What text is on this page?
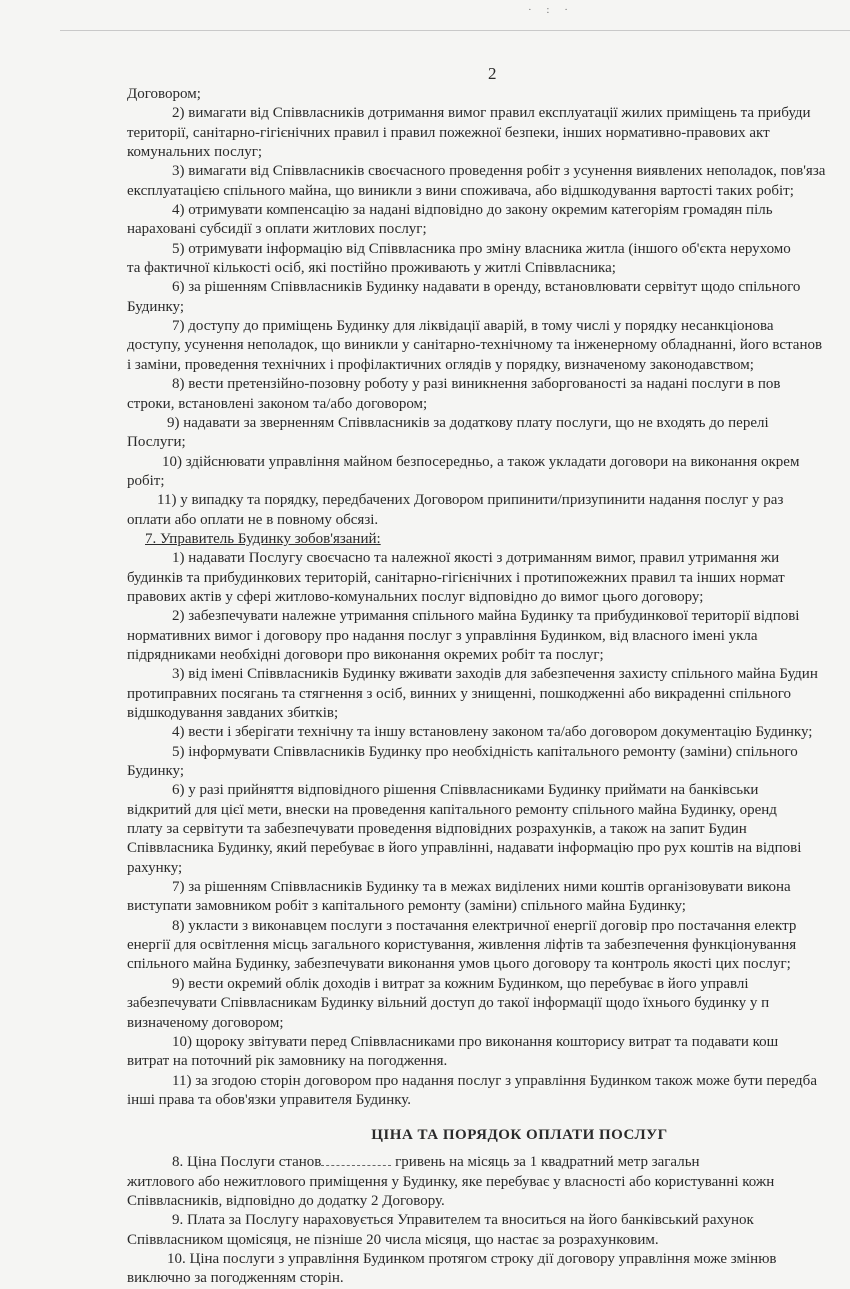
· : ·
2
Договором;
2) вимагати від Співвласників дотримання вимог правил експлуатації жилих приміщень та прибуди
території, санітарно-гігієнічних правил і правил пожежної безпеки, інших нормативно-правових акт
комунальних послуг;
3) вимагати від Співвласників своєчасного проведення робіт з усунення виявлених неполадок, пов'яза
експлуатацією спільного майна, що виникли з вини споживача, або відшкодування вартості таких робіт;
4) отримувати компенсацію за надані відповідно до закону окремим категоріям громадян піль
нараховані субсидії з оплати житлових послуг;
5) отримувати інформацію від Співвласника про зміну власника житла (іншого об'єкта нерухомо
та фактичної кількості осіб, які постійно проживають у житлі Співвласника;
6) за рішенням Співвласників Будинку надавати в оренду, встановлювати сервітут щодо спільного
Будинку;
7) доступу до приміщень Будинку для ліквідації аварій, в тому числі у порядку несанкціонова
доступу, усунення неполадок, що виникли у санітарно-технічному та інженерному обладнанні, його встанов
і заміни, проведення технічних і профілактичних оглядів у порядку, визначеному законодавством;
8) вести претензійно-позовну роботу у разі виникнення заборгованості за надані послуги в пов
строки, встановлені законом та/або договором;
9) надавати за зверненням Співвласників за додаткову плату послуги, що не входять до перелі
Послуги;
10) здійснювати управління майном безпосередньо, а також укладати договори на виконання окрем
робіт;
11) у випадку та порядку, передбачених Договором припинити/призупинити надання послуг у раз
оплати або оплати не в повному обсязі.
7. Управитель Будинку зобов'язаний:
1) надавати Послугу своєчасно та належної якості з дотриманням вимог, правил утримання жи
будинків та прибудинкових територій, санітарно-гігієнічних і протипожежних правил та інших нормат
правових актів у сфері житлово-комунальних послуг відповідно до вимог цього договору;
2) забезпечувати належне утримання спільного майна Будинку та прибудинкової території відпові
нормативних вимог і договору про надання послуг з управління Будинком, від власного імені укла
підрядниками необхідні договори про виконання окремих робіт та послуг;
3) від імені Співвласників Будинку вживати заходів для забезпечення захисту спільного майна Будин
протиправних посягань та стягнення з осіб, винних у знищенні, пошкодженні або викраденні спільного
відшкодування завданих збитків;
4) вести і зберігати технічну та іншу встановлену законом та/або договором документацію Будинку;
5) інформувати Співвласників Будинку про необхідність капітального ремонту (заміни) спільного
Будинку;
6) у разі прийняття відповідного рішення Співвласниками Будинку приймати на банківськи
відкритий для цієї мети, внески на проведення капітального ремонту спільного майна Будинку, оренд
плату за сервітути та забезпечувати проведення відповідних розрахунків, а також на запит Будин
Співвласника Будинку, який перебуває в його управлінні, надавати інформацію про рух коштів на відпові
рахунку;
7) за рішенням Співвласників Будинку та в межах виділених ними коштів організовувати викона
виступати замовником робіт з капітального ремонту (заміни) спільного майна Будинку;
8) укласти з виконавцем послуги з постачання електричної енергії договір про постачання електр
енергії для освітлення місць загального користування, живлення ліфтів та забезпечення функціонування
спільного майна Будинку, забезпечувати виконання умов цього договору та контроль якості цих послуг;
9) вести окремий облік доходів і витрат за кожним Будинком, що перебуває в його управлі
забезпечувати Співвласникам Будинку вільний доступ до такої інформації щодо їхнього будинку у п
визначеному договором;
10) щороку звітувати перед Співвласниками про виконання кошторису витрат та подавати кош
витрат на поточний рік замовнику на погодження.
11) за згодою сторін договором про надання послуг з управління Будинком також може бути передба
інші права та обов'язки управителя Будинку.
ЦІНА ТА ПОРЯДОК ОПЛАТИ ПОСЛУГ
8. Ціна Послуги станов	гривень на місяць за 1 квадратний метр загальн
житлового або нежитлового приміщення у Будинку, яке перебуває у власності або користуванні кожн
Співвласників, відповідно до додатку 2 Договору.
9. Плата за Послугу нараховується Управителем та вноситься на його банківський рахунок
Співвласником щомісяця, не пізніше 20 числа місяця, що настає за розрахунковим.
10. Ціна послуги з управління Будинком протягом строку дії договору управління може змінюв
виключно за погодженням сторін.
